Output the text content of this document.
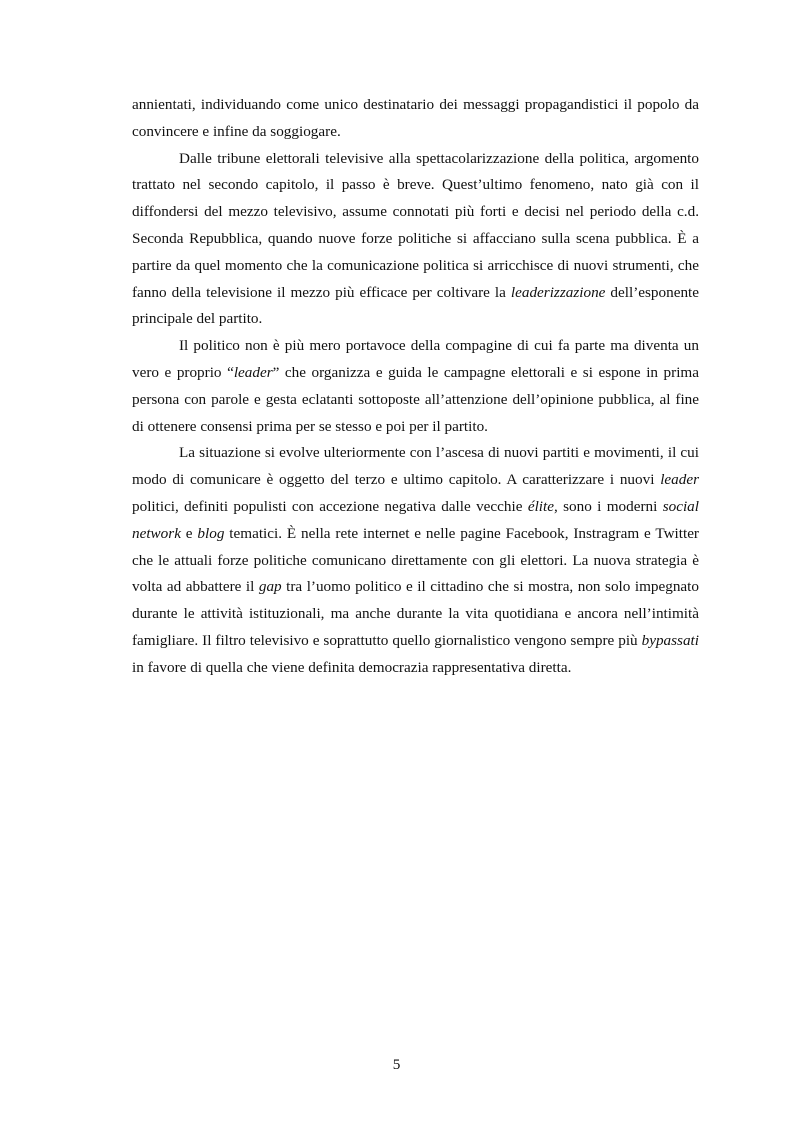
annientati, individuando come unico destinatario dei messaggi propagandistici il popolo da convincere e infine da soggiogare.

Dalle tribune elettorali televisive alla spettacolarizzazione della politica, argomento trattato nel secondo capitolo, il passo è breve. Quest’ultimo fenomeno, nato già con il diffondersi del mezzo televisivo, assume connotati più forti e decisi nel periodo della c.d. Seconda Repubblica, quando nuove forze politiche si affacciano sulla scena pubblica. È a partire da quel momento che la comunicazione politica si arricchisce di nuovi strumenti, che fanno della televisione il mezzo più efficace per coltivare la leaderizzazione dell’esponente principale del partito.

Il politico non è più mero portavoce della compagine di cui fa parte ma diventa un vero e proprio “leader” che organizza e guida le campagne elettorali e si espone in prima persona con parole e gesta eclatanti sottoposte all’attenzione dell’opinione pubblica, al fine di ottenere consensi prima per se stesso e poi per il partito.

La situazione si evolve ulteriormente con l’ascesa di nuovi partiti e movimenti, il cui modo di comunicare è oggetto del terzo e ultimo capitolo. A caratterizzare i nuovi leader politici, definiti populisti con accezione negativa dalle vecchie élite, sono i moderni social network e blog tematici. È nella rete internet e nelle pagine Facebook, Instragram e Twitter che le attuali forze politiche comunicano direttamente con gli elettori. La nuova strategia è volta ad abbattere il gap tra l’uomo politico e il cittadino che si mostra, non solo impegnato durante le attività istituzionali, ma anche durante la vita quotidiana e ancora nell’intimità famigliare. Il filtro televisivo e soprattutto quello giornalistico vengono sempre più bypassati in favore di quella che viene definita democrazia rappresentativa diretta.

5
